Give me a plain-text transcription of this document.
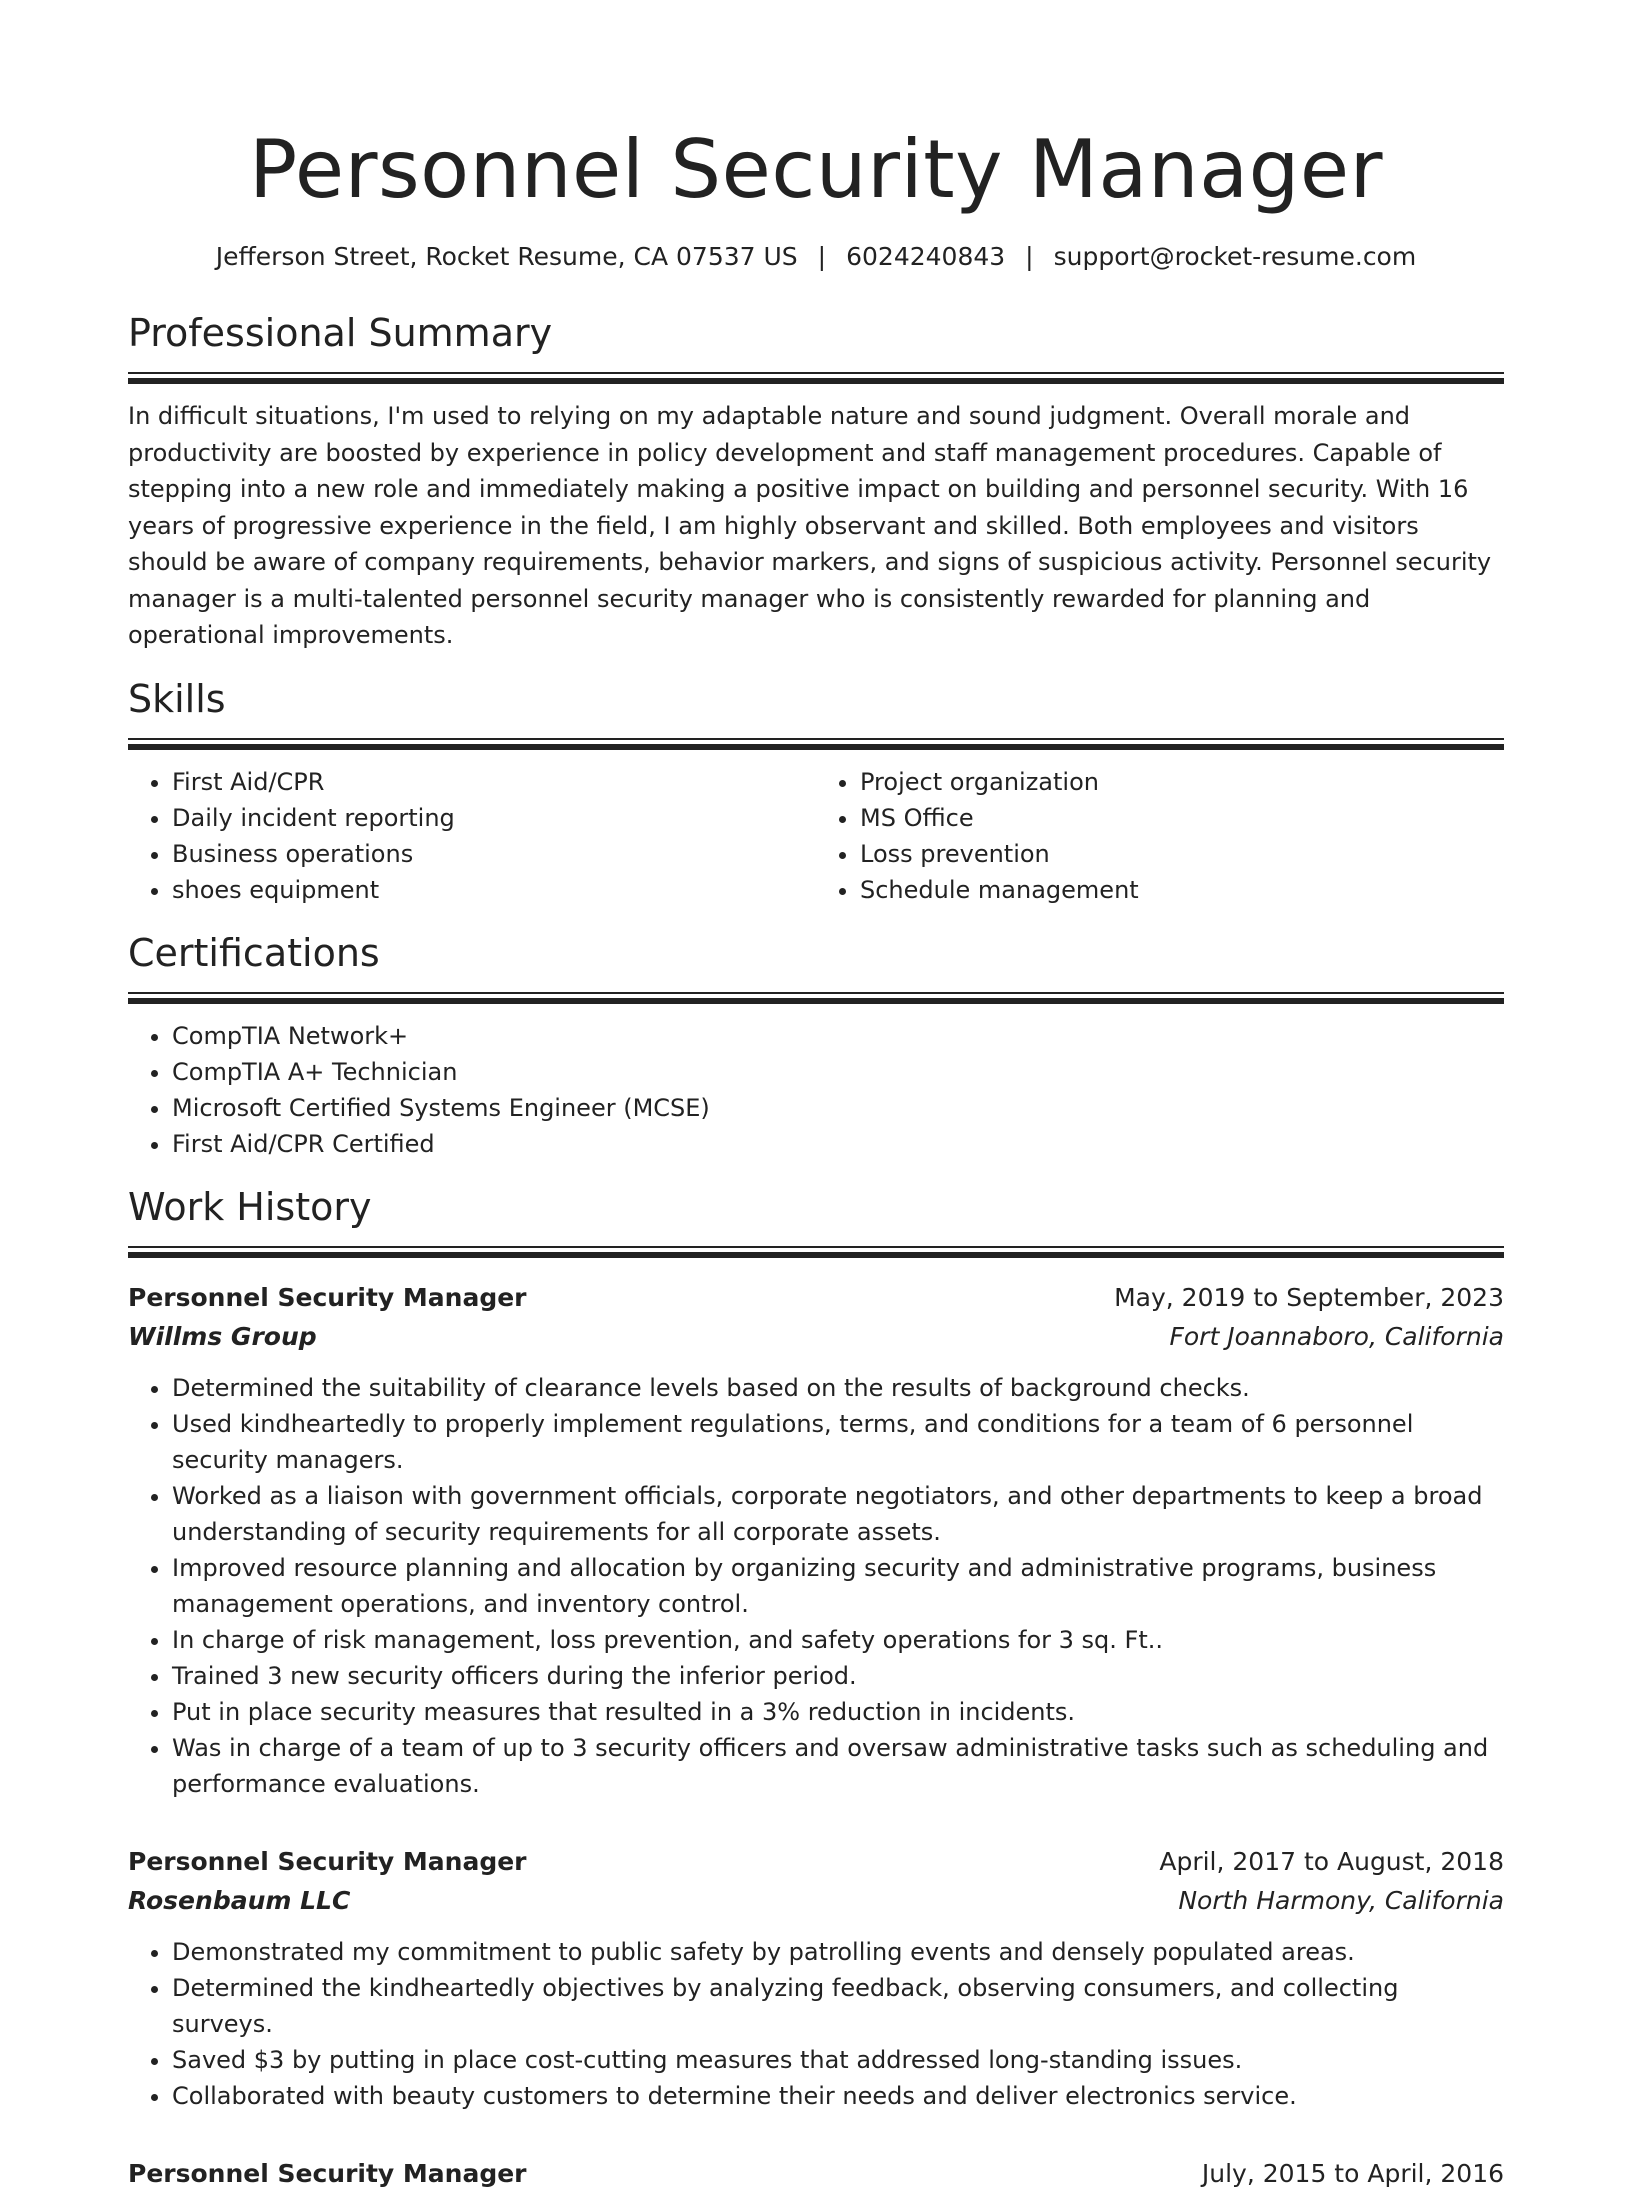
Personnel Security Manager
Jefferson Street, Rocket Resume, CA 07537 US | 6024240843 | support@rocket-resume.com
Professional Summary

In difficult situations, I'm used to relying on my adaptable nature and sound judgment. Overall morale and productivity are boosted by experience in policy development and staff management procedures. Capable of stepping into a new role and immediately making a positive impact on building and personnel security. With 16 years of progressive experience in the field, I am highly observant and skilled. Both employees and visitors should be aware of company requirements, behavior markers, and signs of suspicious activity. Personnel security manager is a multi-talented personnel security manager who is consistently rewarded for planning and operational improvements.

Skills
• First Aid/CPR
• Daily incident reporting
• Business operations
• shoes equipment
• Project organization
• MS Office
• Loss prevention
• Schedule management
Certifications
• CompTIA Network+
• CompTIA A+ Technician
• Microsoft Certified Systems Engineer (MCSE)
• First Aid/CPR Certified
Work History
Personnel Security Manager	May, 2019 to September, 2023
Willms Group	Fort Joannaboro, California
• Determined the suitability of clearance levels based on the results of background checks.
• Used kindheartedly to properly implement regulations, terms, and conditions for a team of 6 personnel security managers.
• Worked as a liaison with government officials, corporate negotiators, and other departments to keep a broad understanding of security requirements for all corporate assets.
• Improved resource planning and allocation by organizing security and administrative programs, business management operations, and inventory control.
• In charge of risk management, loss prevention, and safety operations for 3 sq. Ft..
• Trained 3 new security officers during the inferior period.
• Put in place security measures that resulted in a 3% reduction in incidents.
• Was in charge of a team of up to 3 security officers and oversaw administrative tasks such as scheduling and performance evaluations.
Personnel Security Manager	April, 2017 to August, 2018
Rosenbaum LLC	North Harmony, California
• Demonstrated my commitment to public safety by patrolling events and densely populated areas.
• Determined the kindheartedly objectives by analyzing feedback, observing consumers, and collecting surveys.
• Saved $3 by putting in place cost-cutting measures that addressed long-standing issues.
• Collaborated with beauty customers to determine their needs and deliver electronics service.
Personnel Security Manager	July, 2015 to April, 2016
